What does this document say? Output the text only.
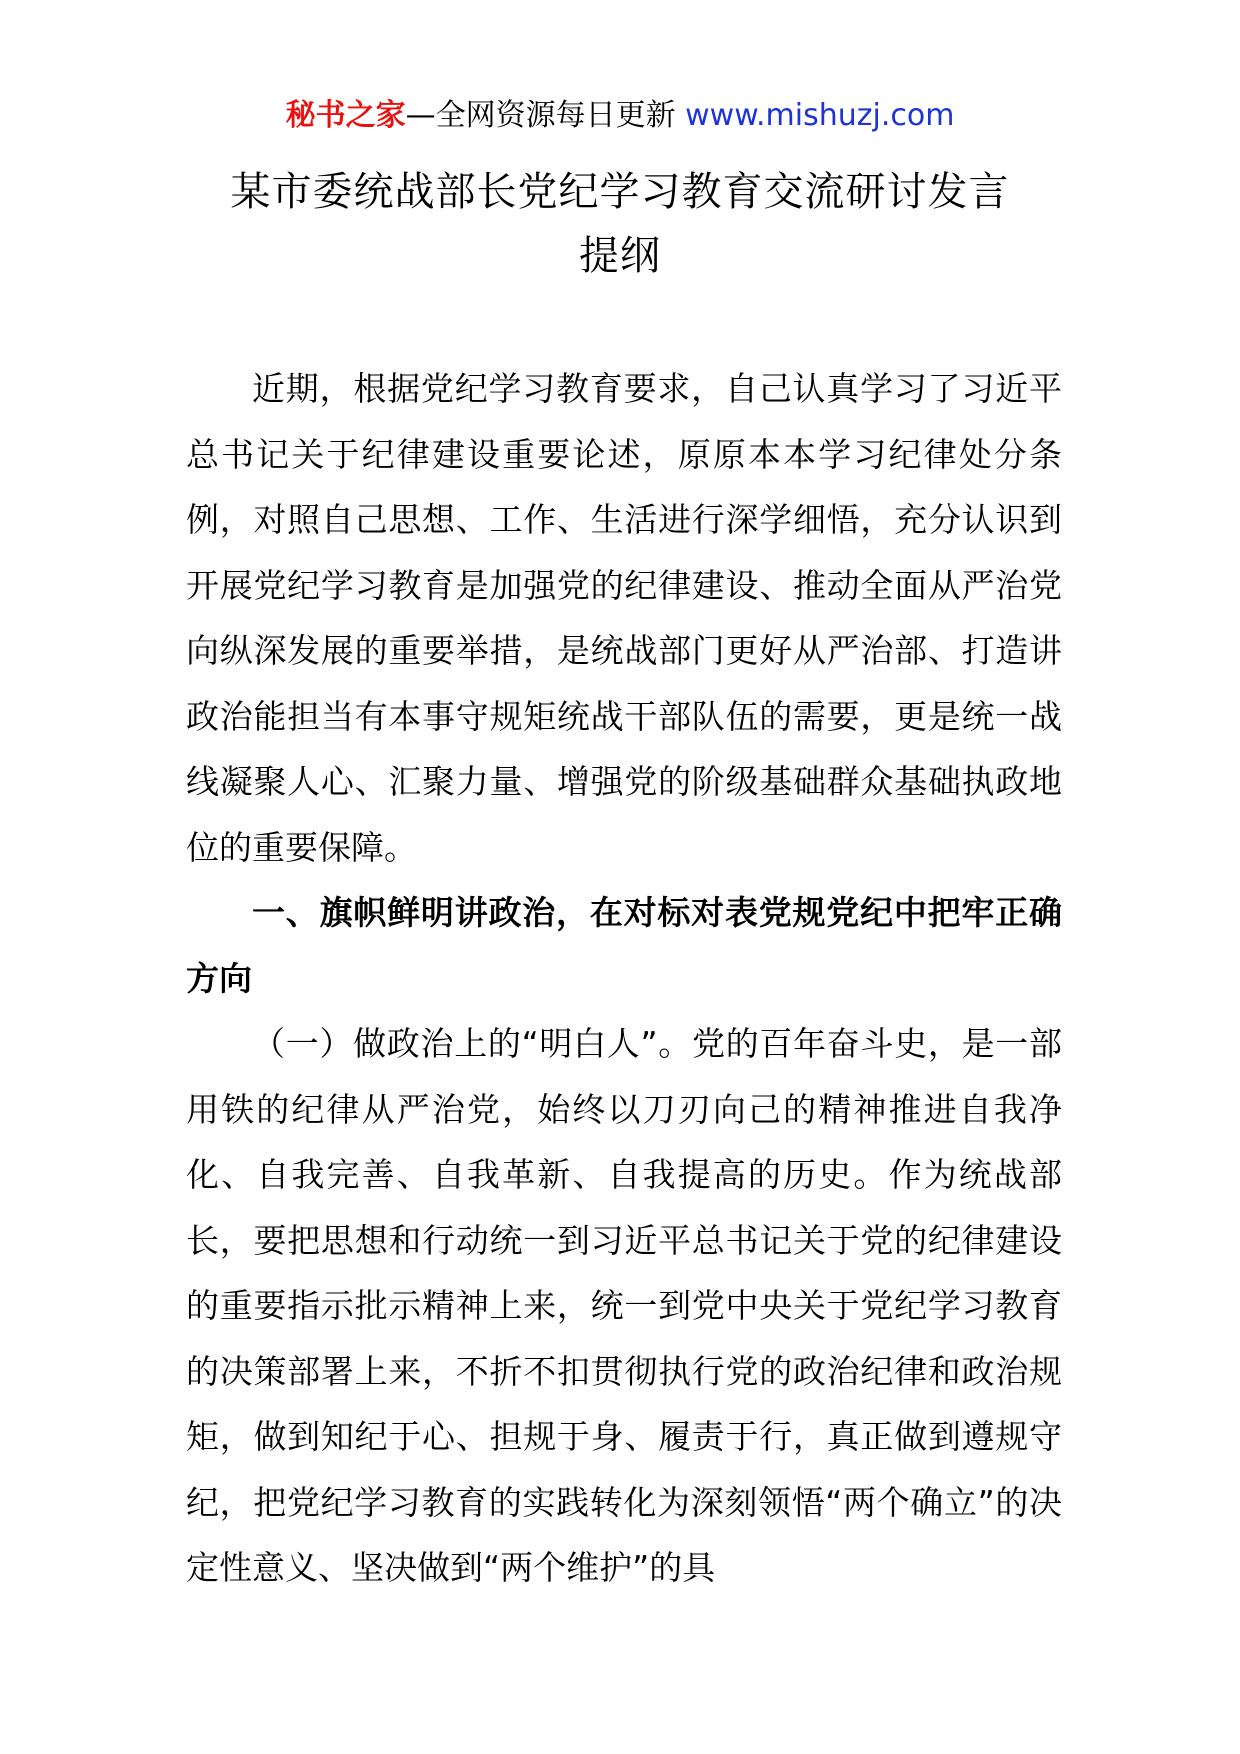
秘书之家—全网资源每日更新 www.mishuzj.com
某市委统战部长党纪学习教育交流研讨发言
提纲

近期，根据党纪学习教育要求，自己认真学习了习近平总书记关于纪律建设重要论述，原原本本学习纪律处分条例，对照自己思想、工作、生活进行深学细悟，充分认识到开展党纪学习教育是加强党的纪律建设、推动全面从严治党向纵深发展的重要举措，是统战部门更好从严治部、打造讲政治能担当有本事守规矩统战干部队伍的需要，更是统一战线凝聚人心、汇聚力量、增强党的阶级基础群众基础执政地位的重要保障。

一、旗帜鲜明讲政治，在对标对表党规党纪中把牢正确方向

（一）做政治上的“明白人”。党的百年奋斗史，是一部用铁的纪律从严治党，始终以刀刃向己的精神推进自我净化、自我完善、自我革新、自我提高的历史。作为统战部长，要把思想和行动统一到习近平总书记关于党的纪律建设的重要指示批示精神上来，统一到党中央关于党纪学习教育的决策部署上来，不折不扣贯彻执行党的政治纪律和政治规矩，做到知纪于心、担规于身、履责于行，真正做到遵规守纪，把党纪学习教育的实践转化为深刻领悟“两个确立”的决定性意义、坚决做到“两个维护”的具
